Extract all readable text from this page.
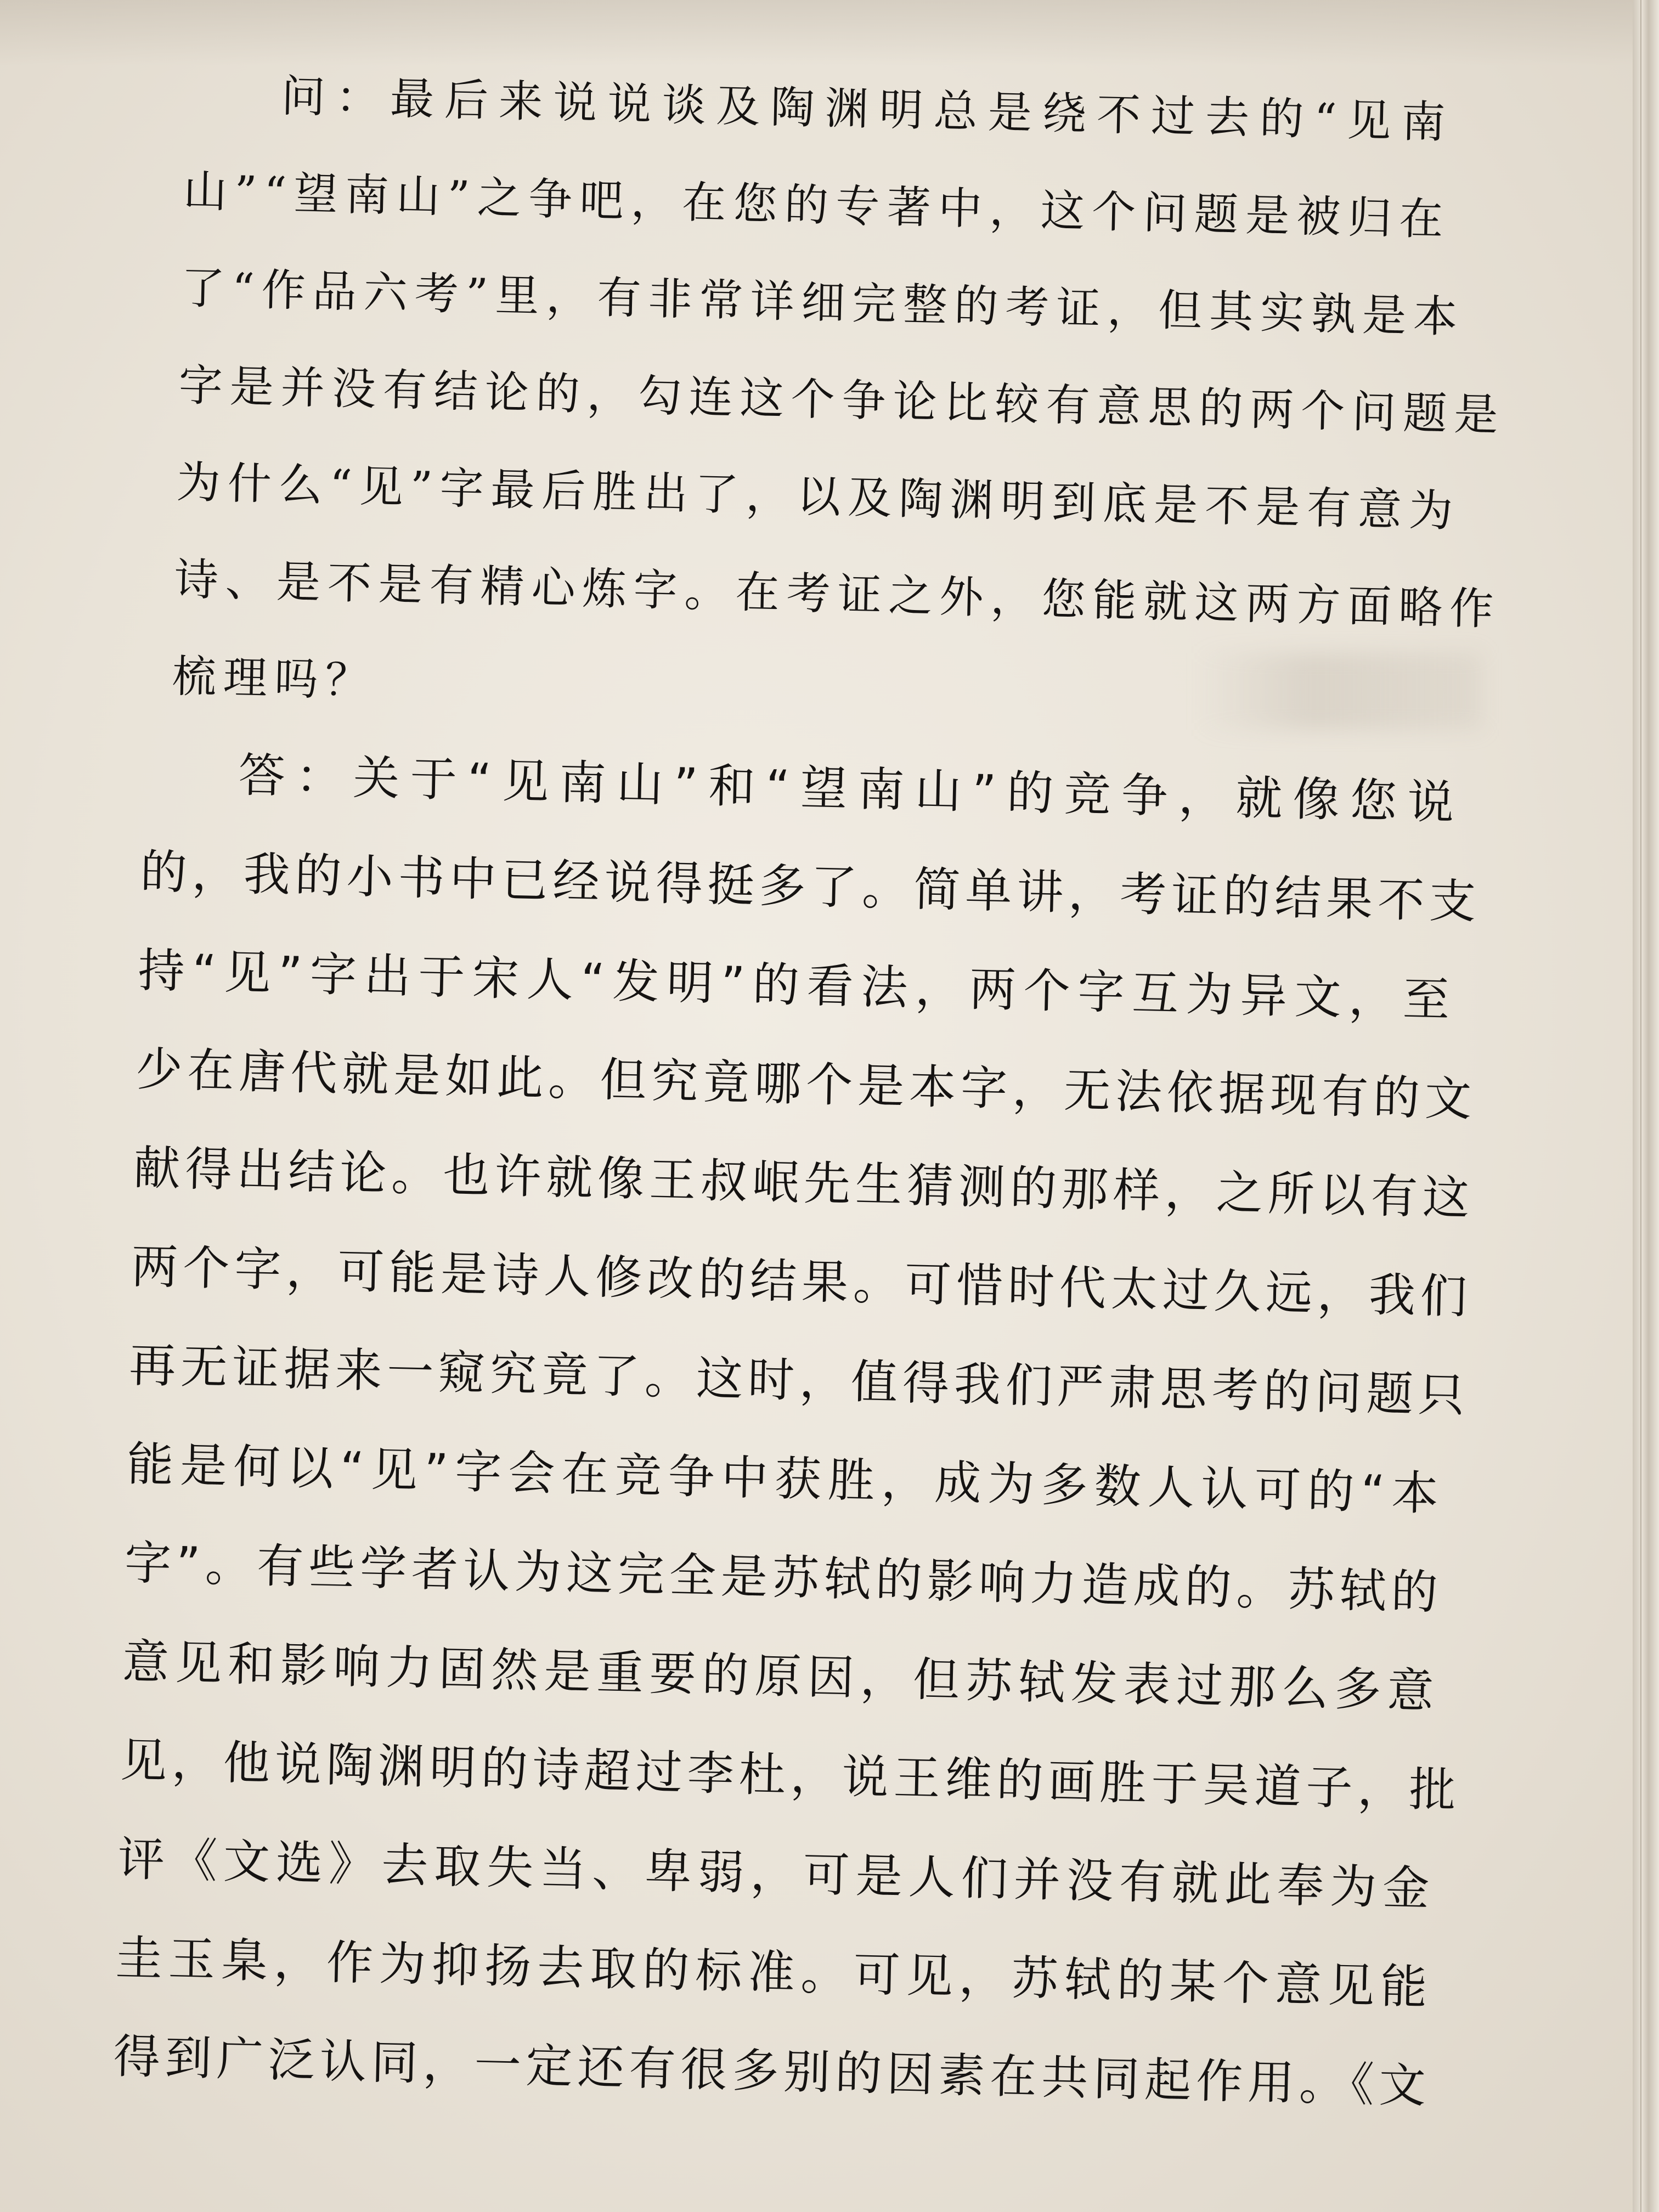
问：最后来说说谈及陶渊明总是绕不过去的“见南
山”“望南山”之争吧，在您的专著中，这个问题是被归在
了“作品六考”里，有非常详细完整的考证，但其实孰是本
字是并没有结论的，勾连这个争论比较有意思的两个问题是
为什么“见”字最后胜出了，以及陶渊明到底是不是有意为
诗、是不是有精心炼字。在考证之外，您能就这两方面略作
梳理吗？
答：关于“见南山”和“望南山”的竞争，就像您说
的，我的小书中已经说得挺多了。简单讲，考证的结果不支
持“见”字出于宋人“发明”的看法，两个字互为异文，至
少在唐代就是如此。但究竟哪个是本字，无法依据现有的文
献得出结论。也许就像王叔岷先生猜测的那样，之所以有这
两个字，可能是诗人修改的结果。可惜时代太过久远，我们
再无证据来一窥究竟了。这时，值得我们严肃思考的问题只
能是何以“见”字会在竞争中获胜，成为多数人认可的“本
字”。有些学者认为这完全是苏轼的影响力造成的。苏轼的
意见和影响力固然是重要的原因，但苏轼发表过那么多意
见，他说陶渊明的诗超过李杜，说王维的画胜于吴道子，批
评《文选》去取失当、卑弱，可是人们并没有就此奉为金
圭玉臬，作为抑扬去取的标准。可见，苏轼的某个意见能
得到广泛认同，一定还有很多别的因素在共同起作用。《文
